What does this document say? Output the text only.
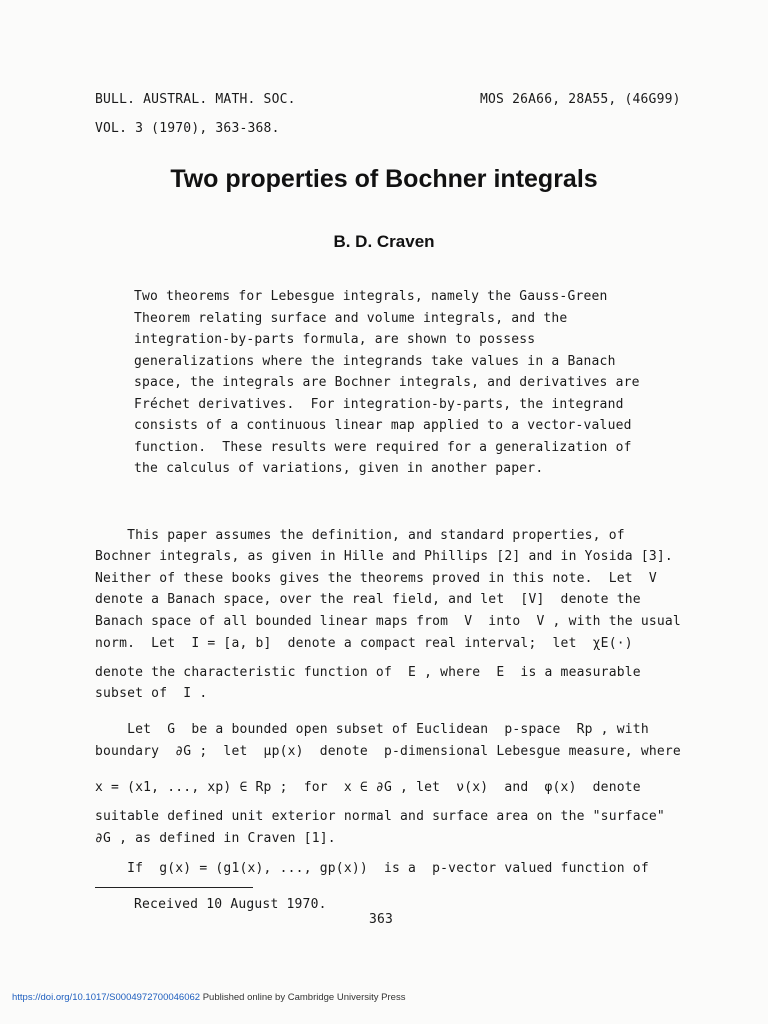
BULL. AUSTRAL. MATH. SOC.	MOS 26A66, 28A55, (46G99)
VOL. 3 (1970), 363-368.
Two properties of Bochner integrals
B. D. Craven
Two theorems for Lebesgue integrals, namely the Gauss-Green
Theorem relating surface and volume integrals, and the
integration-by-parts formula, are shown to possess
generalizations where the integrands take values in a Banach
space, the integrals are Bochner integrals, and derivatives are
Fréchet derivatives.  For integration-by-parts, the integrand
consists of a continuous linear map applied to a vector-valued
function.  These results were required for a generalization of
the calculus of variations, given in another paper.
This paper assumes the definition, and standard properties, of
Bochner integrals, as given in Hille and Phillips [2] and in Yosida [3].
Neither of these books gives the theorems proved in this note.  Let  V
denote a Banach space, over the real field, and let  [V]  denote the
Banach space of all bounded linear maps from  V  into  V , with the usual
norm.  Let  I = [a, b]  denote a compact real interval;  let  χE(·)
denote the characteristic function of  E , where  E  is a measurable
subset of  I .
Let  G  be a bounded open subset of Euclidean  p-space  Rp , with
boundary  ∂G ;  let  μp(x)  denote  p-dimensional Lebesgue measure, where
x = (x1, ..., xp) ∈ Rp ;  for  x ∈ ∂G , let  ν(x)  and  φ(x)  denote
suitable defined unit exterior normal and surface area on the "surface"
∂G , as defined in Craven [1].
If  g(x) = (g1(x), ..., gp(x))  is a  p-vector valued function of
Received 10 August 1970.
363
https://doi.org/10.1017/S0004972700046062 Published online by Cambridge University Press
